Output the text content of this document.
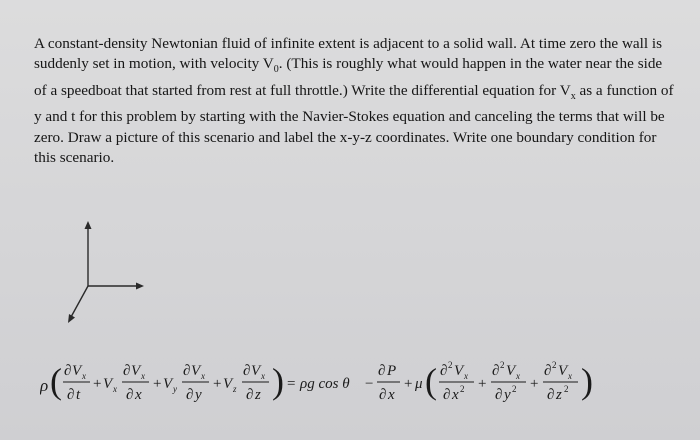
A constant-density Newtonian fluid of infinite extent is adjacent to a solid wall. At time zero the wall is suddenly set in motion, with velocity $V_0$. (This is roughly what would happen in the water near the side of a speedboat that started from rest at full throttle.) Write the differential equation for $V_x$ as a function of y and t for this problem by starting with the Navier-Stokes equation and canceling the terms that will be zero. Draw a picture of this scenario and label the x-y-z coordinates. Write one boundary condition for this scenario.
ρ ( ∂ V x
∂ t
+ V x
∂ V x
∂ x
+ V y
∂ V x
∂ y
+ V z
∂ V x
∂ z ) = ρg cos θ −
∂ P
∂ x
+ μ ( ∂ 2 V x
∂ x 2 +
∂ 2 V x
∂ y 2 +
∂ 2 V x
∂ z 2 )
